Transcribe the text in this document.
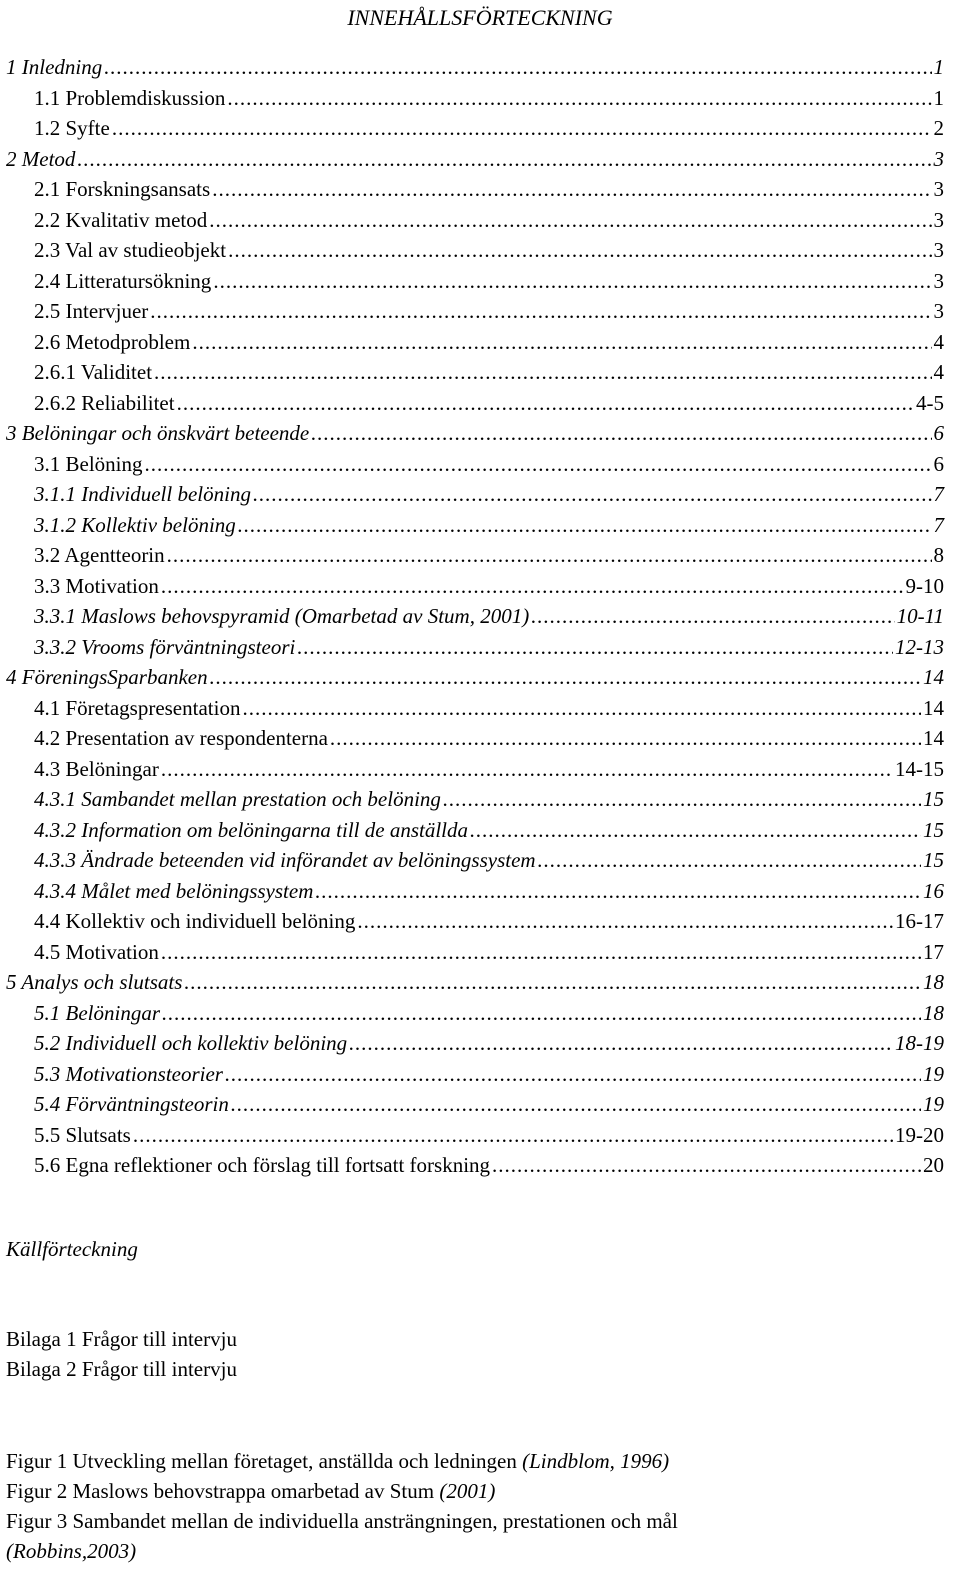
INNEHÅLLSFÖRTECKNING
1 Inledning .....	1
1.1 Problemdiskussion .....	1
1.2 Syfte .....	2
2 Metod .....	3
2.1 Forskningsansats .....	3
2.2 Kvalitativ metod .....	3
2.3 Val av studieobjekt .....	3
2.4 Litteratursökning .....	3
2.5 Intervjuer .....	3
2.6 Metodproblem .....	4
2.6.1 Validitet .....	4
2.6.2 Reliabilitet .....	4-5
3 Belöningar och önskvärt beteende .....	6
3.1 Belöning .....	6
3.1.1 Individuell belöning .....	7
3.1.2 Kollektiv belöning .....	7
3.2 Agentteorin .....	8
3.3 Motivation .....	9-10
3.3.1 Maslows behovspyramid (Omarbetad av Stum, 2001) .....	10-11
3.3.2 Vrooms förväntningsteori .....	12-13
4 FöreningsSparbanken .....	14
4.1 Företagspresentation .....	14
4.2 Presentation av respondenterna .....	14
4.3 Belöningar .....	14-15
4.3.1 Sambandet mellan prestation och belöning .....	15
4.3.2 Information om belöningarna till de anställda .....	15
4.3.3 Ändrade beteenden vid införandet av belöningssystem .....	15
4.3.4 Målet med belöningssystem .....	16
4.4 Kollektiv och individuell belöning .....	16-17
4.5 Motivation .....	17
5 Analys och slutsats .....	18
5.1 Belöningar .....	18
5.2 Individuell och kollektiv belöning .....	18-19
5.3 Motivationsteorier .....	19
5.4 Förväntningsteorin .....	19
5.5 Slutsats .....	19-20
5.6 Egna reflektioner och förslag till fortsatt forskning .....	20
Källförteckning
Bilaga 1 Frågor till intervju
Bilaga 2 Frågor till intervju
Figur 1 Utveckling mellan företaget, anställda och ledningen (Lindblom, 1996)
Figur 2 Maslows behovstrappa omarbetad av Stum (2001)
Figur 3 Sambandet mellan de individuella ansträngningen, prestationen och mål
(Robbins,2003)
